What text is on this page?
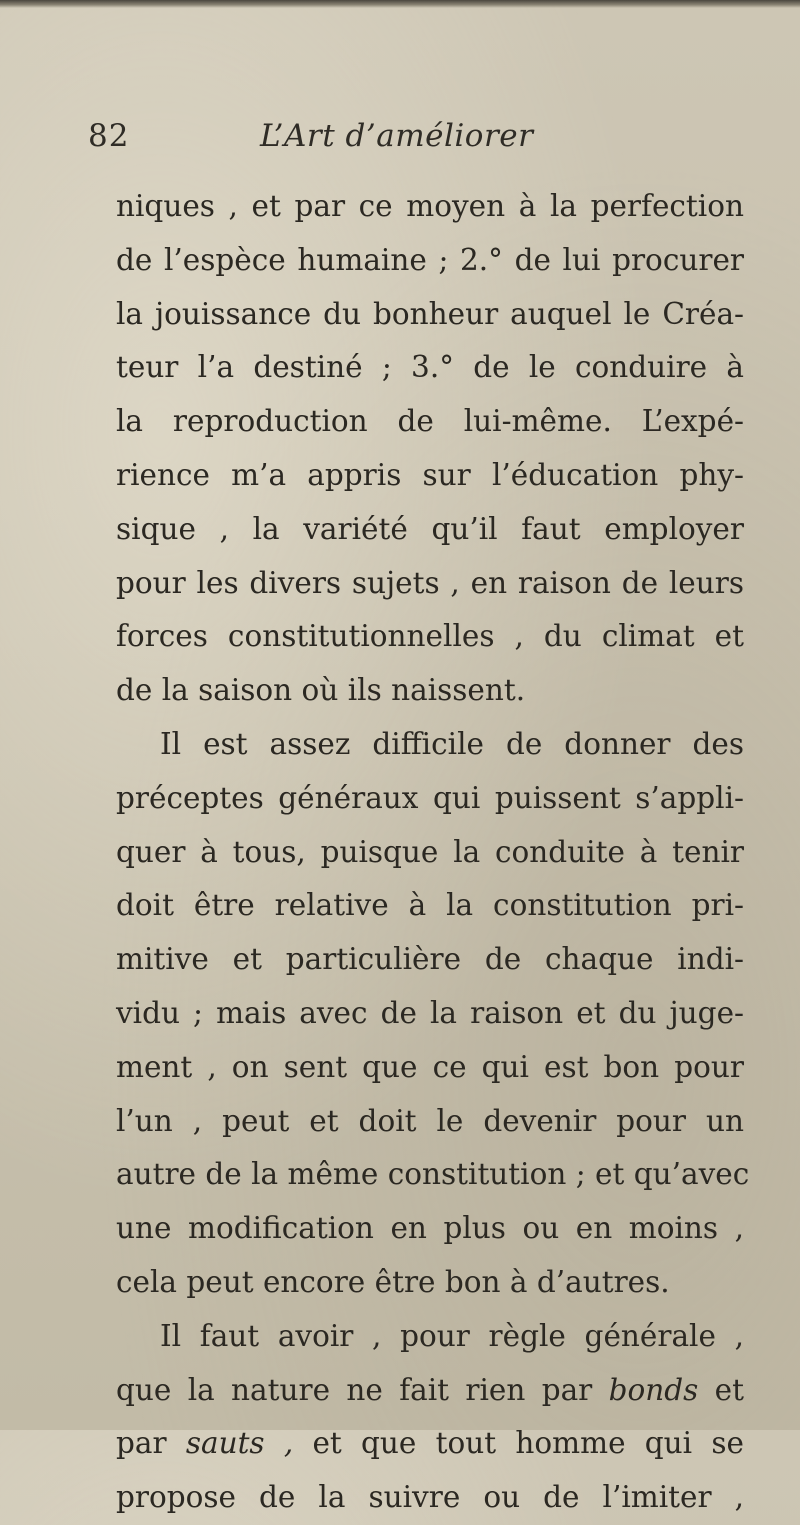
82	L’Art d’améliorer
niques , et par ce moyen à la perfection
de l’espèce humaine ; 2.° de lui procurer
la jouissance du bonheur auquel le Créa-
teur l’a destiné ; 3.° de le conduire à
la reproduction de lui-même. L’expé-
rience m’a appris sur l’éducation phy-
sique , la variété qu’il faut employer
pour les divers sujets , en raison de leurs
forces constitutionnelles , du climat et
de la saison où ils naissent.
Il est assez difficile de donner des
préceptes généraux qui puissent s’appli-
quer à tous, puisque la conduite à tenir
doit être relative à la constitution pri-
mitive et particulière de chaque indi-
vidu ; mais avec de la raison et du juge-
ment , on sent que ce qui est bon pour
l’un , peut et doit le devenir pour un
autre de la même constitution ; et qu’avec
une modification en plus ou en moins ,
cela peut encore être bon à d’autres.
Il faut avoir , pour règle générale ,
que la nature ne fait rien par bonds et
par sauts , et que tout homme qui se
propose de la suivre ou de l’imiter ,
